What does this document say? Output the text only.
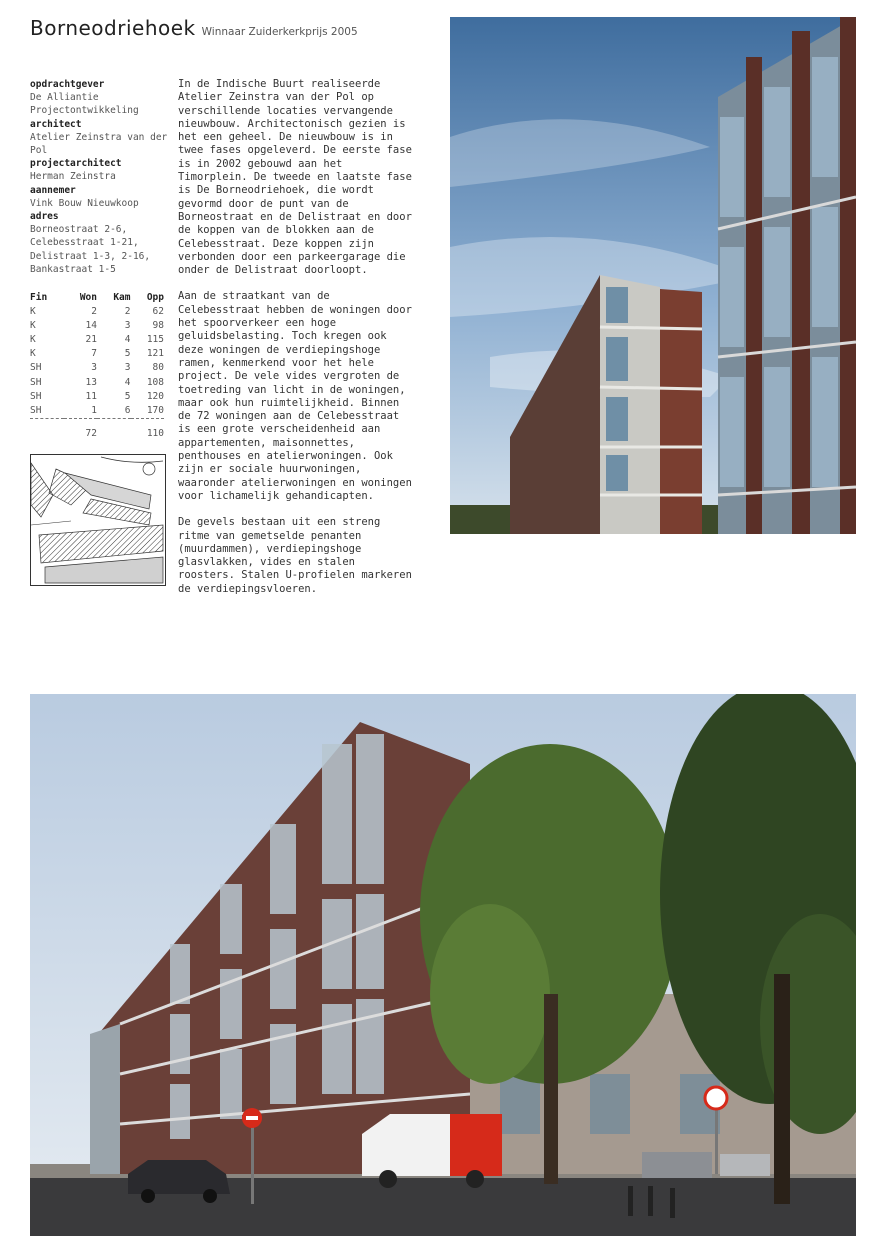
Borneodriehoek Winnaar Zuiderkerkprijs 2005
opdrachtgever
De Alliantie Projectontwikkeling
architect
Atelier Zeinstra van der Pol
projectarchitect
Herman Zeinstra
aannemer
Vink Bouw Nieuwkoop
adres
Borneostraat 2-6, Celebesstraat 1-21, Delistraat 1-3, 2-16, Bankastraat 1-5
Fin	Won	Kam	Opp
K	2	2	62
K	14	3	98
K	21	4	115
K	7	5	121
SH	3	3	80
SH	13	4	108
SH	11	5	120
SH	1	6	170

	72		110

In de Indische Buurt realiseerde Atelier Zeinstra van der Pol op verschillende locaties vervangende nieuwbouw. Architectonisch gezien is het een geheel. De nieuwbouw is in twee fases opgeleverd. De eerste fase is in 2002 gebouwd aan het Timorplein. De tweede en laatste fase is De Borneodriehoek, die wordt gevormd door de punt van de Borneostraat en de Delistraat en door de koppen van de blokken aan de Celebesstraat. Deze koppen zijn verbonden door een parkeergarage die onder de Delistraat doorloopt.

Aan de straatkant van de Celebesstraat hebben de woningen door het spoorverkeer een hoge geluidsbelasting. Toch kregen ook deze woningen de verdiepingshoge ramen, kenmerkend voor het hele project. De vele vides vergroten de toetreding van licht in de woningen, maar ook hun ruimtelijkheid. Binnen de 72 woningen aan de Celebesstraat is een grote verscheidenheid aan appartementen, maisonnettes, penthouses en atelierwoningen. Ook zijn er sociale huurwoningen, waaronder atelierwoningen en woningen voor lichamelijk gehandicapten.

De gevels bestaan uit een streng ritme van gemetselde penanten (muurdammen), verdiepingshoge glasvlakken, vides en stalen roosters. Stalen U-profielen markeren de verdiepingsvloeren.
